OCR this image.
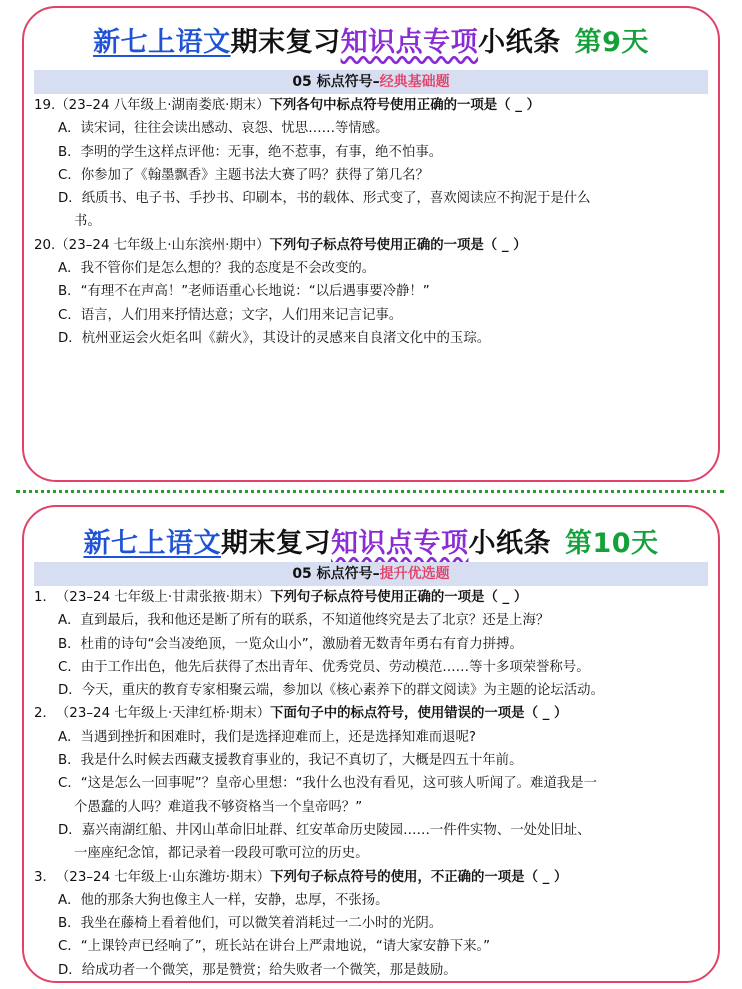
新七上语文期末复习知识点专项小纸条 第9天
05 标点符号–经典基础题
19.（23–24 八年级上·湖南娄底·期末）下列各句中标点符号使用正确的一项是（ _ ）
A．读宋词，往往会读出感动、哀怨、忧思……等情感。
B．李明的学生这样点评他：无事，绝不惹事，有事，绝不怕事。
C．你参加了《翰墨飘香》主题书法大赛了吗？获得了第几名？
D．纸质书、电子书、手抄书、印刷本，书的载体、形式变了，喜欢阅读应不拘泥于是什么
书。
20.（23–24 七年级上·山东滨州·期中）下列句子标点符号使用正确的一项是（ _ ）
A．我不管你们是怎么想的？我的态度是不会改变的。
B．“有理不在声高！”老师语重心长地说：“以后遇事要冷静！”
C．语言，人们用来抒情达意；文字，人们用来记言记事。
D．杭州亚运会火炬名叫《薪火》，其设计的灵感来自良渚文化中的玉琮。
新七上语文期末复习知识点专项小纸条 第10天
05 标点符号–提升优选题
1．（23–24 七年级上·甘肃张掖·期末）下列句子标点符号使用正确的一项是（ _ ）
A．直到最后，我和他还是断了所有的联系，不知道他终究是去了北京？还是上海？
B．杜甫的诗句“会当凌绝顶，一览众山小”，激励着无数青年勇右有育力拼搏。
C．由于工作出色，他先后获得了杰出青年、优秀党员、劳动模范……等十多项荣誉称号。
D．今天，重庆的教育专家相聚云端，参加以《核心素养下的群文阅读》为主题的论坛活动。
2．（23–24 七年级上·天津红桥·期末）下面句子中的标点符号，使用错误的一项是（ _ ）
A．当遇到挫折和困难时，我们是选择迎难而上，还是选择知难而退呢?
B．我是什么时候去西藏支援教育事业的，我记不真切了，大概是四五十年前。
C．“这是怎么一回事呢”？皇帝心里想：“我什么也没有看见，这可骇人听闻了。难道我是一
个愚蠢的人吗？难道我不够资格当一个皇帝吗？”
D．嘉兴南湖红船、井冈山革命旧址群、红安革命历史陵园……一件件实物、一处处旧址、
一座座纪念馆，都记录着一段段可歌可泣的历史。
3．（23–24 七年级上·山东潍坊·期末）下列句子标点符号的使用，不正确的一项是（ _ ）
A．他的那条大狗也像主人一样，安静，忠厚，不张扬。
B．我坐在藤椅上看着他们，可以微笑着消耗过一二小时的光阴。
C．“上课铃声已经响了”，班长站在讲台上严肃地说，“请大家安静下来。”
D．给成功者一个微笑，那是赞赏；给失败者一个微笑，那是鼓励。
